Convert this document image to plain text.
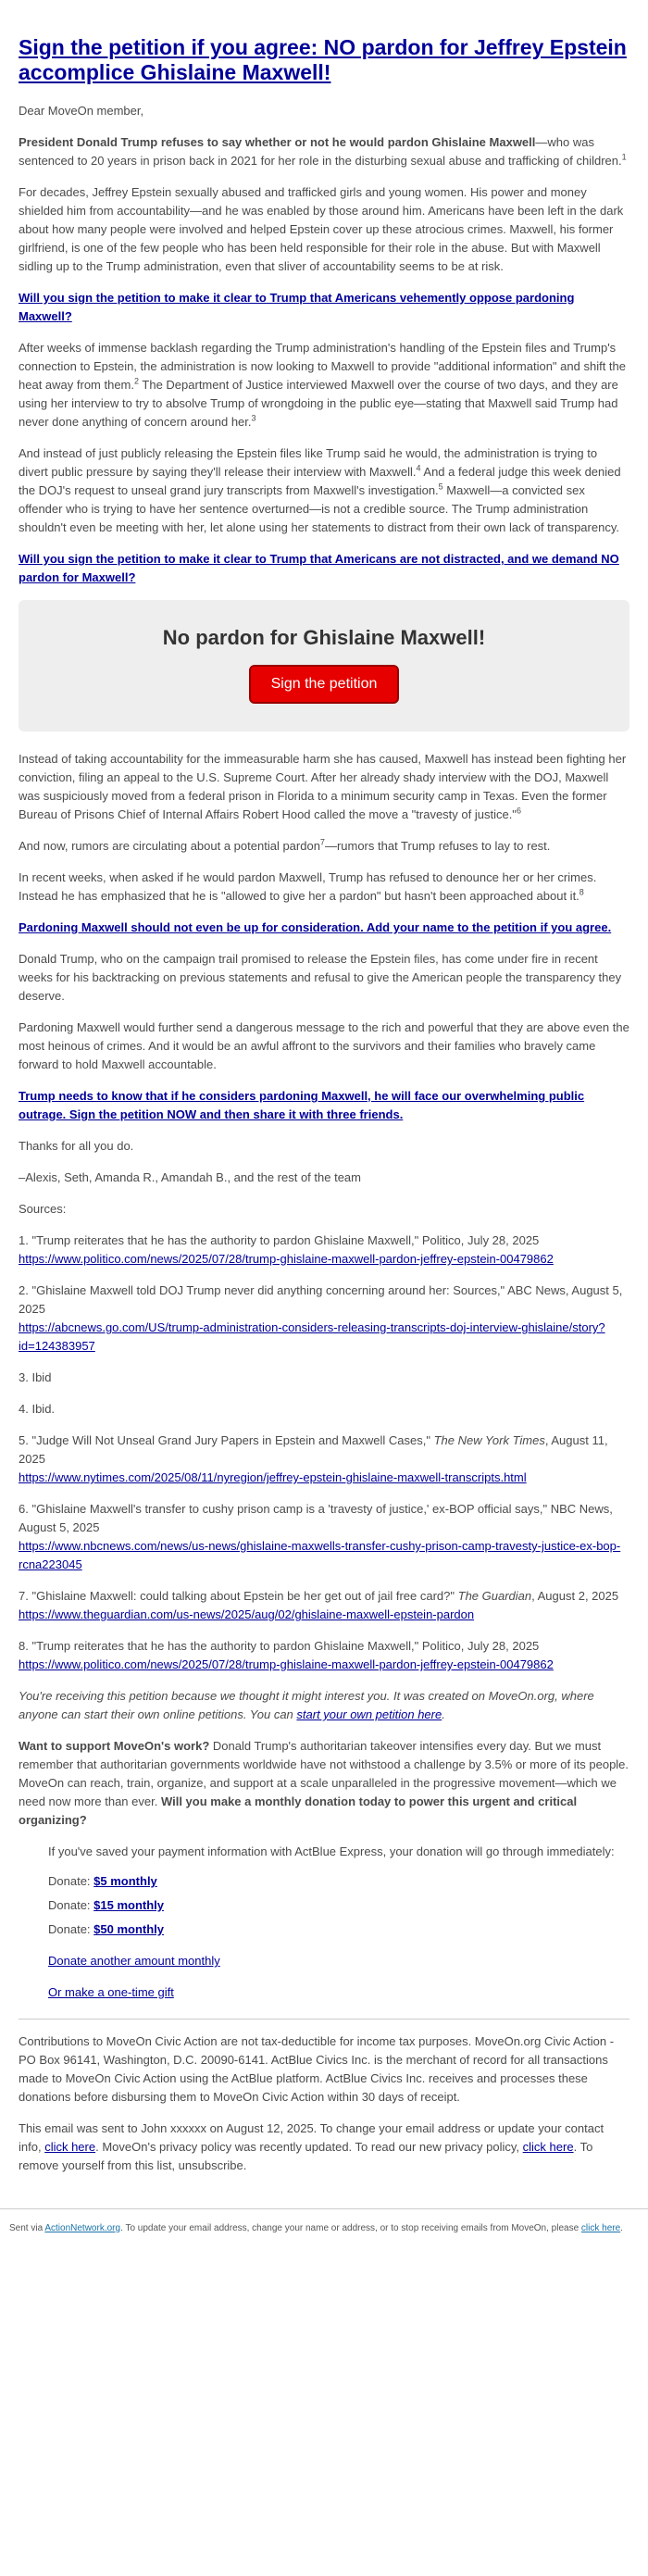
Sign the petition if you agree: NO pardon for Jeffrey Epstein accomplice Ghislaine Maxwell!

Dear MoveOn member,

President Donald Trump refuses to say whether or not he would pardon Ghislaine Maxwell—who was sentenced to 20 years in prison back in 2021 for her role in the disturbing sexual abuse and trafficking of children.$^1$

For decades, Jeffrey Epstein sexually abused and trafficked girls and young women. His power and money shielded him from accountability—and he was enabled by those around him. Americans have been left in the dark about how many people were involved and helped Epstein cover up these atrocious crimes. Maxwell, his former girlfriend, is one of the few people who has been held responsible for their role in the abuse. But with Maxwell sidling up to the Trump administration, even that sliver of accountability seems to be at risk.

Will you sign the petition to make it clear to Trump that Americans vehemently oppose pardoning Maxwell?

After weeks of immense backlash regarding the Trump administration's handling of the Epstein files and Trump's connection to Epstein, the administration is now looking to Maxwell to provide "additional information" and shift the heat away from them.$^2$ The Department of Justice interviewed Maxwell over the course of two days, and they are using her interview to try to absolve Trump of wrongdoing in the public eye—stating that Maxwell said Trump had never done anything of concern around her.$^3$

And instead of just publicly releasing the Epstein files like Trump said he would, the administration is trying to divert public pressure by saying they'll release their interview with Maxwell.$^4$ And a federal judge this week denied the DOJ's request to unseal grand jury transcripts from Maxwell's investigation.$^5$ Maxwell—a convicted sex offender who is trying to have her sentence overturned—is not a credible source. The Trump administration shouldn't even be meeting with her, let alone using her statements to distract from their own lack of transparency.

Will you sign the petition to make it clear to Trump that Americans are not distracted, and we demand NO pardon for Maxwell?

No pardon for Ghislaine Maxwell!
Sign the petition

Instead of taking accountability for the immeasurable harm she has caused, Maxwell has instead been fighting her conviction, filing an appeal to the U.S. Supreme Court. After her already shady interview with the DOJ, Maxwell was suspiciously moved from a federal prison in Florida to a minimum security camp in Texas. Even the former Bureau of Prisons Chief of Internal Affairs Robert Hood called the move a "travesty of justice."$^6$

And now, rumors are circulating about a potential pardon$^7$—rumors that Trump refuses to lay to rest.

In recent weeks, when asked if he would pardon Maxwell, Trump has refused to denounce her or her crimes. Instead he has emphasized that he is "allowed to give her a pardon" but hasn't been approached about it.$^8$

Pardoning Maxwell should not even be up for consideration. Add your name to the petition if you agree.

Donald Trump, who on the campaign trail promised to release the Epstein files, has come under fire in recent weeks for his backtracking on previous statements and refusal to give the American people the transparency they deserve.

Pardoning Maxwell would further send a dangerous message to the rich and powerful that they are above even the most heinous of crimes. And it would be an awful affront to the survivors and their families who bravely came forward to hold Maxwell accountable.

Trump needs to know that if he considers pardoning Maxwell, he will face our overwhelming public outrage. Sign the petition NOW and then share it with three friends.

Thanks for all you do.

–Alexis, Seth, Amanda R., Amandah B., and the rest of the team

Sources:

1. "Trump reiterates that he has the authority to pardon Ghislaine Maxwell," Politico, July 28, 2025
https://www.politico.com/news/2025/07/28/trump-ghislaine-maxwell-pardon-jeffrey-epstein-00479862

2. "Ghislaine Maxwell told DOJ Trump never did anything concerning around her: Sources," ABC News, August 5, 2025
https://abcnews.go.com/US/trump-administration-considers-releasing-transcripts-doj-interview-ghislaine/story?id=124383957

3. Ibid

4. Ibid.

5. "Judge Will Not Unseal Grand Jury Papers in Epstein and Maxwell Cases," The New York Times, August 11, 2025
https://www.nytimes.com/2025/08/11/nyregion/jeffrey-epstein-ghislaine-maxwell-transcripts.html

6. "Ghislaine Maxwell's transfer to cushy prison camp is a 'travesty of justice,' ex-BOP official says," NBC News, August 5, 2025
https://www.nbcnews.com/news/us-news/ghislaine-maxwells-transfer-cushy-prison-camp-travesty-justice-ex-bop-rcna223045

7. "Ghislaine Maxwell: could talking about Epstein be her get out of jail free card?" The Guardian, August 2, 2025
https://www.theguardian.com/us-news/2025/aug/02/ghislaine-maxwell-epstein-pardon

8. "Trump reiterates that he has the authority to pardon Ghislaine Maxwell," Politico, July 28, 2025
https://www.politico.com/news/2025/07/28/trump-ghislaine-maxwell-pardon-jeffrey-epstein-00479862

You're receiving this petition because we thought it might interest you. It was created on MoveOn.org, where anyone can start their own online petitions. You can start your own petition here.

Want to support MoveOn's work? Donald Trump's authoritarian takeover intensifies every day. But we must remember that authoritarian governments worldwide have not withstood a challenge by 3.5% or more of its people. MoveOn can reach, train, organize, and support at a scale unparalleled in the progressive movement—which we need now more than ever. Will you make a monthly donation today to power this urgent and critical organizing?

If you've saved your payment information with ActBlue Express, your donation will go through immediately:

Donate: $5 monthly

Donate: $15 monthly

Donate: $50 monthly

Donate another amount monthly

Or make a one-time gift

Contributions to MoveOn Civic Action are not tax-deductible for income tax purposes. MoveOn.org Civic Action - PO Box 96141, Washington, D.C. 20090-6141. ActBlue Civics Inc. is the merchant of record for all transactions made to MoveOn Civic Action using the ActBlue platform. ActBlue Civics Inc. receives and processes these donations before disbursing them to MoveOn Civic Action within 30 days of receipt.

This email was sent to John xxxxxx on August 12, 2025. To change your email address or update your contact info, click here. MoveOn's privacy policy was recently updated. To read our new privacy policy, click here. To remove yourself from this list, unsubscribe.

Sent via ActionNetwork.org. To update your email address, change your name or address, or to stop receiving emails from MoveOn, please click here.
